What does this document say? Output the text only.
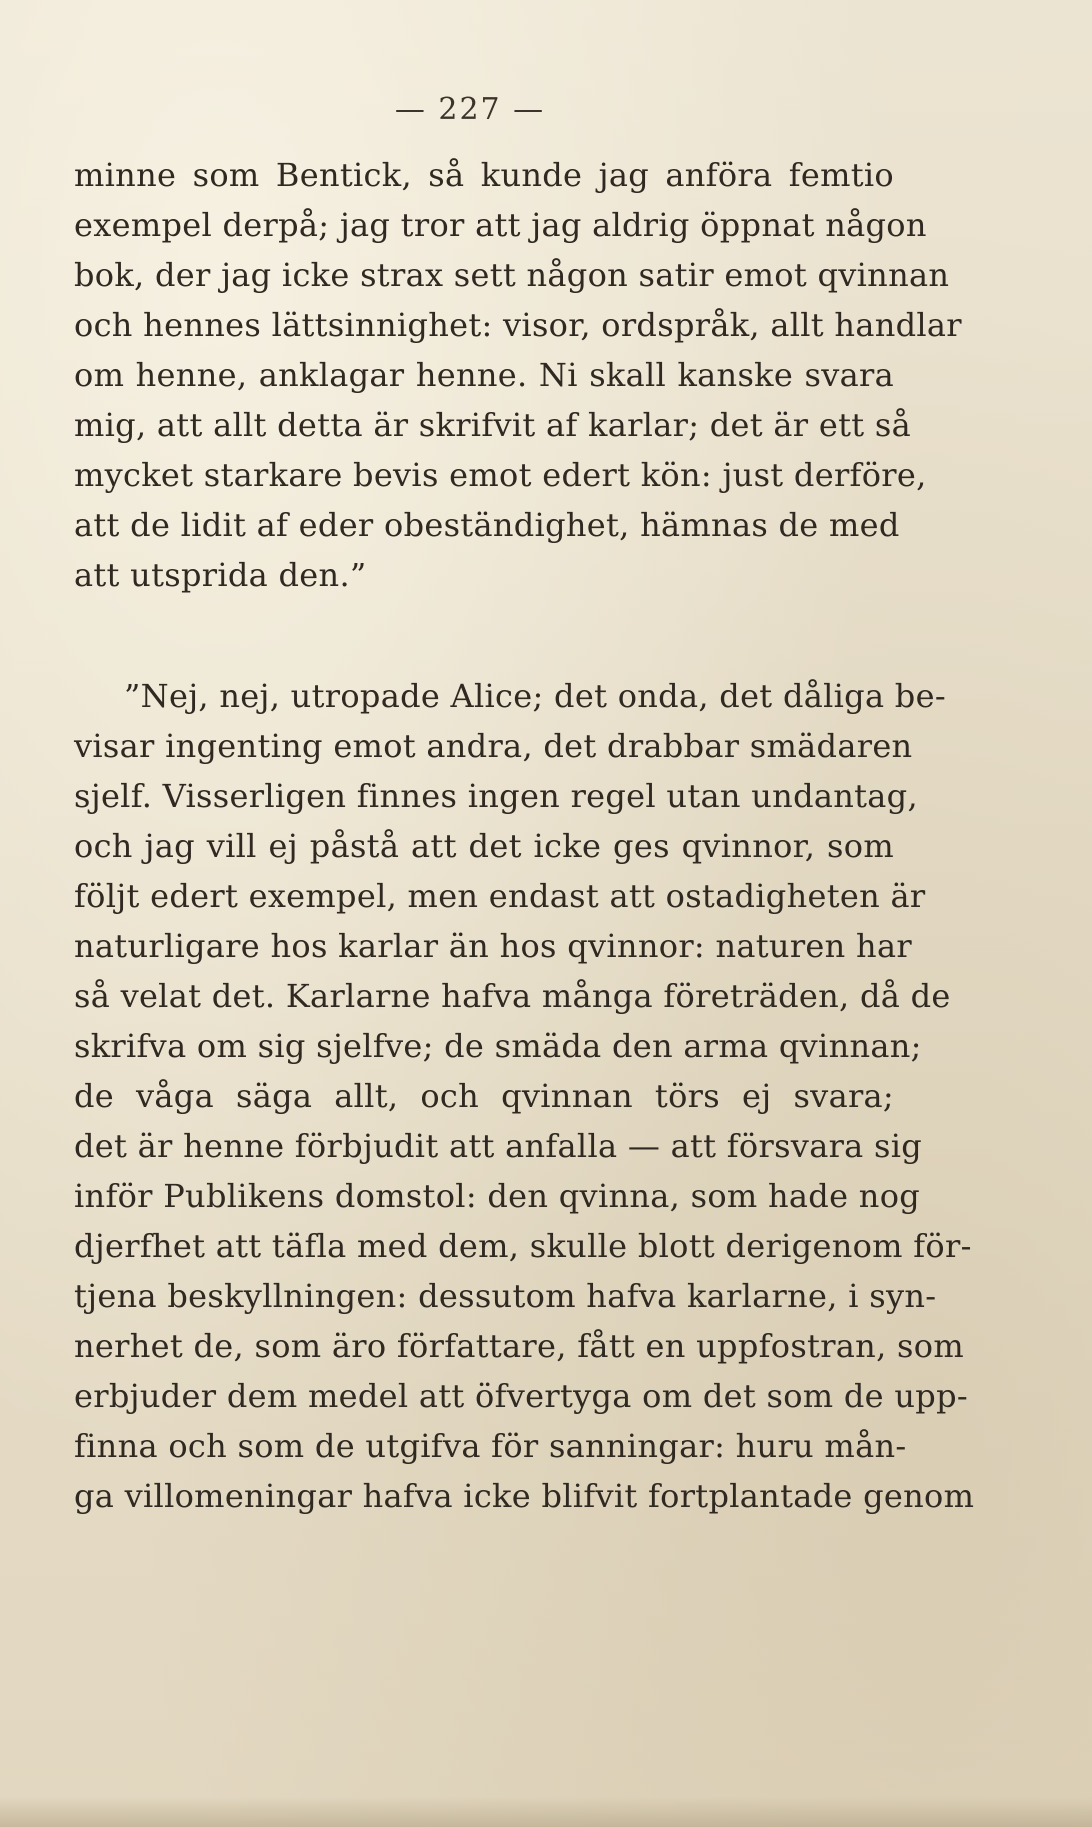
— 227 —
minne som Bentick, så kunde jag anföra femtio
exempel derpå; jag tror att jag aldrig öppnat någon
bok, der jag icke strax sett någon satir emot qvinnan
och hennes lättsinnighet: visor, ordspråk, allt handlar
om henne, anklagar henne. Ni skall kanske svara
mig, att allt detta är skrifvit af karlar; det är ett så
mycket starkare bevis emot edert kön: just derföre,
att de lidit af eder obeständighet, hämnas de med
att utsprida den.”
”Nej, nej, utropade Alice; det onda, det dåliga be-
visar ingenting emot andra, det drabbar smädaren
sjelf. Visserligen finnes ingen regel utan undantag,
och jag vill ej påstå att det icke ges qvinnor, som
följt edert exempel, men endast att ostadigheten är
naturligare hos karlar än hos qvinnor: naturen har
så velat det. Karlarne hafva många företräden, då de
skrifva om sig sjelfve; de smäda den arma qvinnan;
de våga säga allt, och qvinnan törs ej svara;
det är henne förbjudit att anfalla — att försvara sig
inför Publikens domstol: den qvinna, som hade nog
djerfhet att täfla med dem, skulle blott derigenom för-
tjena beskyllningen: dessutom hafva karlarne, i syn-
nerhet de, som äro författare, fått en uppfostran, som
erbjuder dem medel att öfvertyga om det som de upp-
finna och som de utgifva för sanningar: huru mån-
ga villomeningar hafva icke blifvit fortplantade genom
